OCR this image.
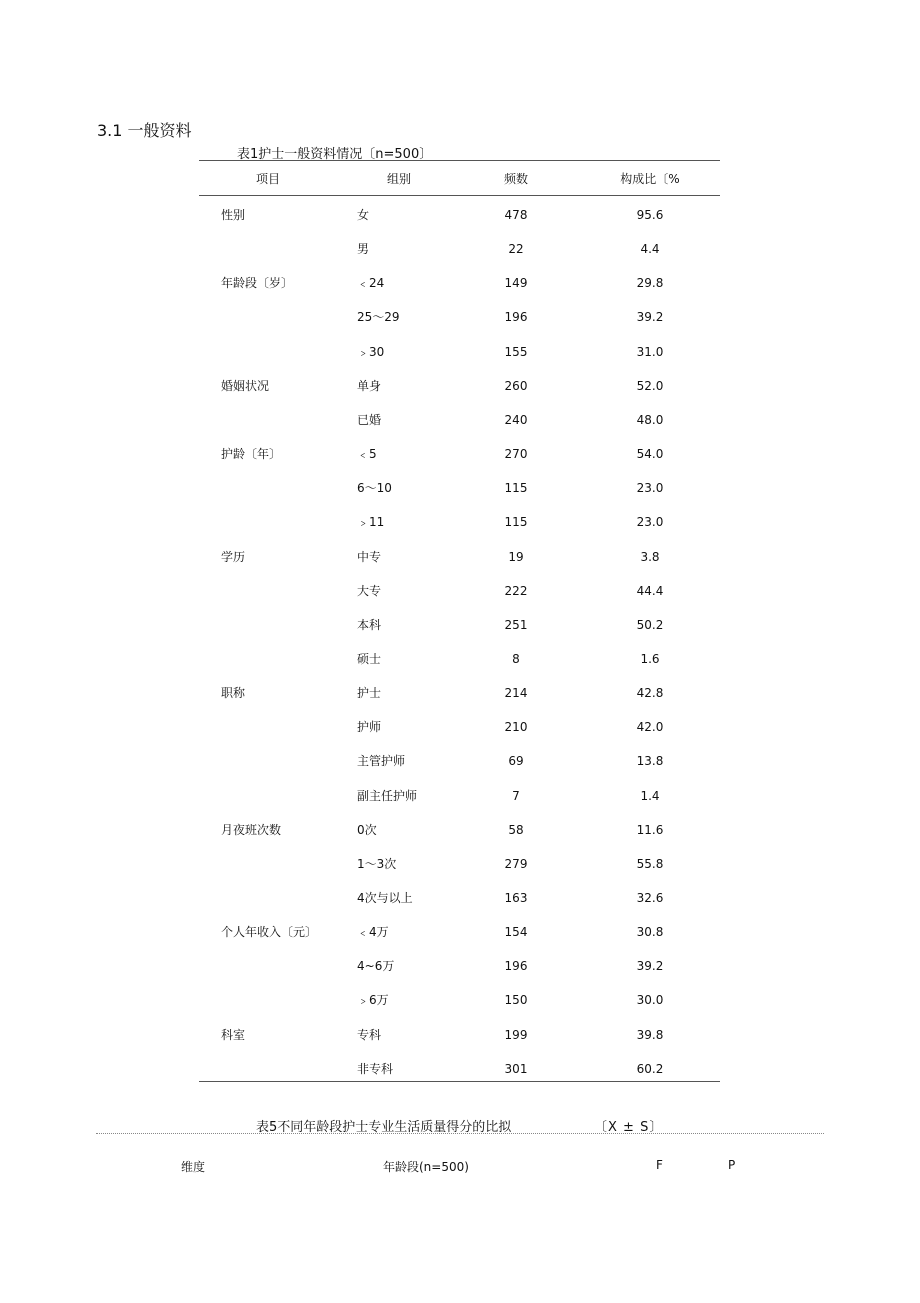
3.1 一般资料
表1护士一般资料情况〔n=500〕
项目	组别	频数	构成比〔%
性别	女	478	95.6
男	22	4.4
年龄段〔岁〕	﹤24	149	29.8
25～29	196	39.2
﹥30	155	31.0
婚姻状况	单身	260	52.0
已婚	240	48.0
护龄〔年〕	﹤5	270	54.0
6～10	115	23.0
﹥11	115	23.0
学历	中专	19	3.8
大专	222	44.4
本科	251	50.2
硕士	8	1.6
职称	护士	214	42.8
护师	210	42.0
主管护师	69	13.8
副主任护师	7	1.4
月夜班次数	0次	58	11.6
1～3次	279	55.8
4次与以上	163	32.6
个人年收入〔元〕	﹤4万	154	30.8
4~6万	196	39.2
﹥6万	150	30.0
科室	专科	199	39.8
非专科	301	60.2
表5不同年龄段护士专业生活质量得分的比拟	〔X ± S〕
维度	年龄段(n=500)	F	P
